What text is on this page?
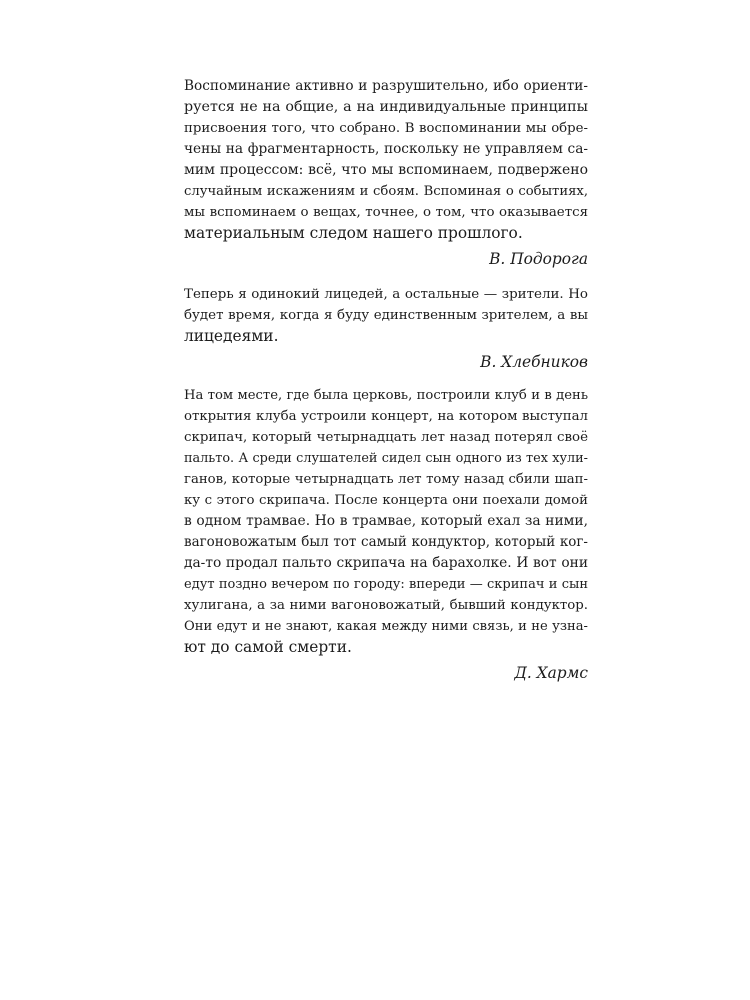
Воспоминание активно и разрушительно, ибо ориенти-
руется не на общие, а на индивидуальные принципы
присвоения того, что собрано. В воспоминании мы обре-
чены на фрагментарность, поскольку не управляем са-
мим процессом: всё, что мы вспоминаем, подвержено
случайным искажениям и сбоям. Вспоминая о событиях,
мы вспоминаем о вещах, точнее, о том, что оказывается
материальным следом нашего прошлого.
В. Подорога
Теперь я одинокий лицедей, а остальные — зрители. Но
будет время, когда я буду единственным зрителем, а вы
лицедеями.
В. Хлебников
На том месте, где была церковь, построили клуб и в день
открытия клуба устроили концерт, на котором выступал
скрипач, который четырнадцать лет назад потерял своё
пальто. А среди слушателей сидел сын одного из тех хули-
ганов, которые четырнадцать лет тому назад сбили шап-
ку с этого скрипача. После концерта они поехали домой
в одном трамвае. Но в трамвае, который ехал за ними,
вагоновожатым был тот самый кондуктор, который ког-
да-то продал пальто скрипача на барахолке. И вот они
едут поздно вечером по городу: впереди — скрипач и сын
хулигана, а за ними вагоновожатый, бывший кондуктор.
Они едут и не знают, какая между ними связь, и не узна-
ют до самой смерти.
Д. Хармс
